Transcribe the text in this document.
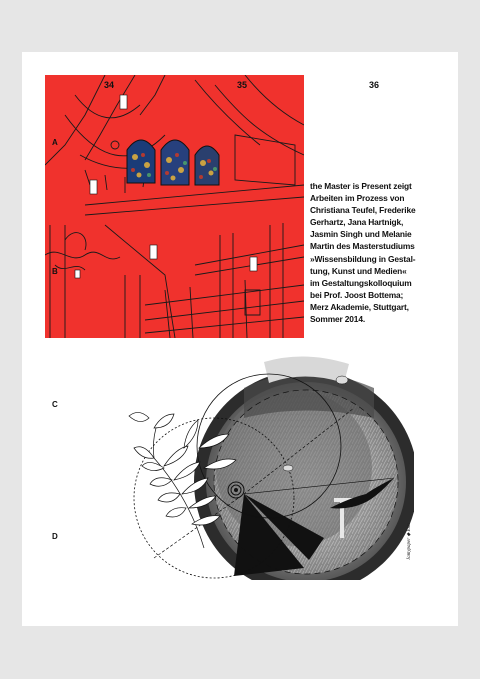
34	35	36
A
B
C
D
the Master is Present zeigt
Arbeiten im Prozess von
Christiana Teufel, Frederike
Gerhartz, Jana Hartnigk,
Jasmin Singh und Melanie
Martin des Masterstudiums
»Wissensbildung in Gestal-
tung, Kunst und Medien«
im Gestaltungskolloquium
bei Prof. Joost Bottema;
Merz Akademie, Stuttgart,
Sommer 2014.
Jamypaper ◆ Enn
